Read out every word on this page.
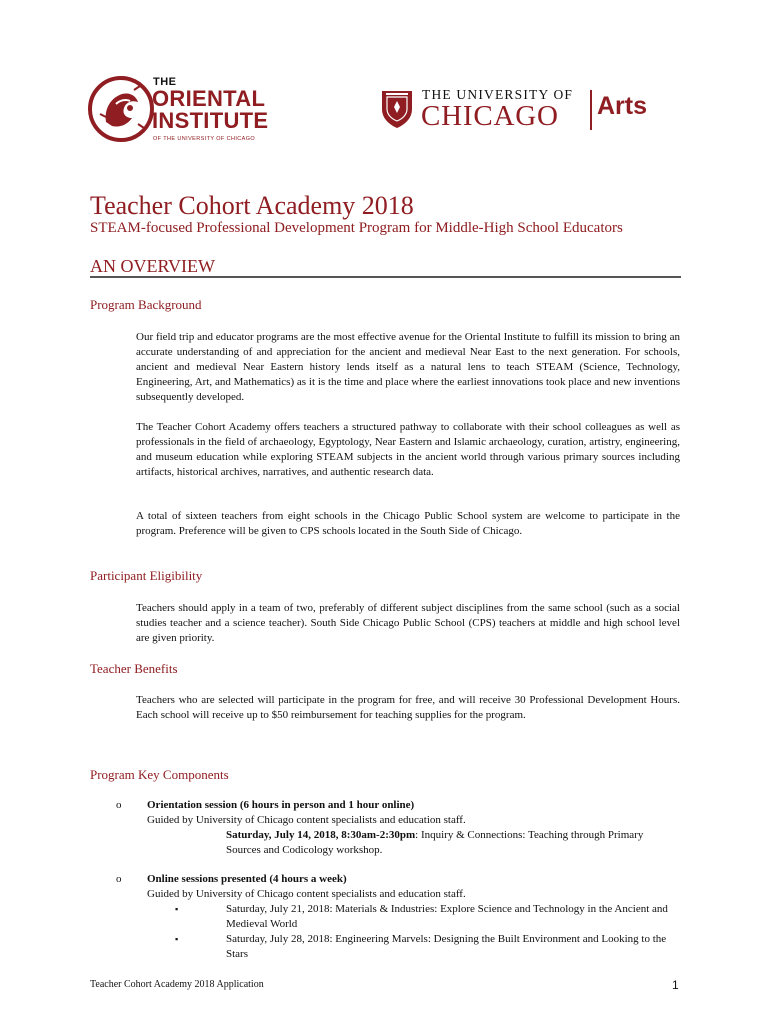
THE
ORIENTAL
INSTITUTE
OF THE UNIVERSITY OF CHICAGO
THE UNIVERSITY OF
CHICAGO Arts
Teacher Cohort Academy 2018
STEAM-focused Professional Development Program for Middle-High School Educators
AN OVERVIEW
Program Background
Our field trip and educator programs are the most effective avenue for the Oriental Institute to fulfill its mission to bring an accurate understanding of and appreciation for the ancient and medieval Near East to the next generation. For schools, ancient and medieval Near Eastern history lends itself as a natural lens to teach STEAM (Science, Technology, Engineering, Art, and Mathematics) as it is the time and place where the earliest innovations took place and new inventions subsequently developed.
The Teacher Cohort Academy offers teachers a structured pathway to collaborate with their school colleagues as well as professionals in the field of archaeology, Egyptology, Near Eastern and Islamic archaeology, curation, artistry, engineering, and museum education while exploring STEAM subjects in the ancient world through various primary sources including artifacts, historical archives, narratives, and authentic research data.
A total of sixteen teachers from eight schools in the Chicago Public School system are welcome to participate in the program. Preference will be given to CPS schools located in the South Side of Chicago.
Participant Eligibility
Teachers should apply in a team of two, preferably of different subject disciplines from the same school (such as a social studies teacher and a science teacher). South Side Chicago Public School (CPS) teachers at middle and high school level are given priority.
Teacher Benefits
Teachers who are selected will participate in the program for free, and will receive 30 Professional Development Hours. Each school will receive up to $50 reimbursement for teaching supplies for the program.
Program Key Components
o Orientation session (6 hours in person and 1 hour online)
Guided by University of Chicago content specialists and education staff.
Saturday, July 14, 2018, 8:30am-2:30pm: Inquiry & Connections: Teaching through Primary Sources and Codicology workshop.
o Online sessions presented (4 hours a week)
Guided by University of Chicago content specialists and education staff.
▪	Saturday, July 21, 2018: Materials & Industries: Explore Science and Technology in the Ancient and Medieval World
▪	Saturday, July 28, 2018: Engineering Marvels: Designing the Built Environment and Looking to the Stars
Teacher Cohort Academy 2018 Application	1
